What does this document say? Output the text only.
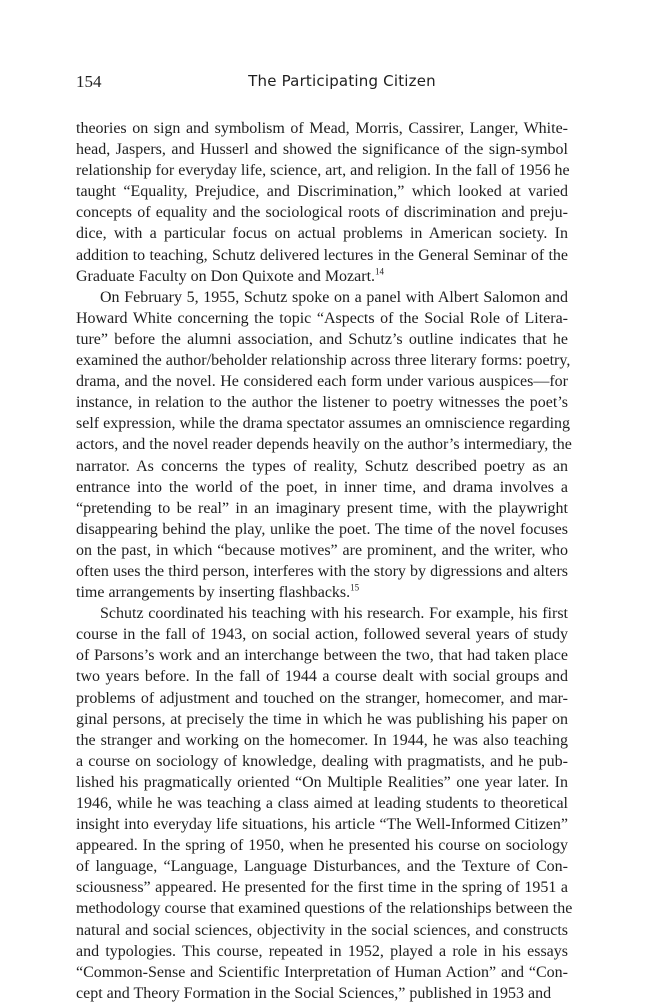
154	The Participating Citizen
theories on sign and symbolism of Mead, Morris, Cassirer, Langer, White-
head, Jaspers, and Husserl and showed the significance of the sign-symbol
relationship for everyday life, science, art, and religion. In the fall of 1956 he
taught “Equality, Prejudice, and Discrimination,” which looked at varied
concepts of equality and the sociological roots of discrimination and preju-
dice, with a particular focus on actual problems in American society. In
addition to teaching, Schutz delivered lectures in the General Seminar of the
Graduate Faculty on Don Quixote and Mozart.$^{14}$
On February 5, 1955, Schutz spoke on a panel with Albert Salomon and
Howard White concerning the topic “Aspects of the Social Role of Litera-
ture” before the alumni association, and Schutz’s outline indicates that he
examined the author/beholder relationship across three literary forms: poetry,
drama, and the novel. He considered each form under various auspices—for
instance, in relation to the author the listener to poetry witnesses the poet’s
self expression, while the drama spectator assumes an omniscience regarding
actors, and the novel reader depends heavily on the author’s intermediary, the
narrator. As concerns the types of reality, Schutz described poetry as an
entrance into the world of the poet, in inner time, and drama involves a
“pretending to be real” in an imaginary present time, with the playwright
disappearing behind the play, unlike the poet. The time of the novel focuses
on the past, in which “because motives” are prominent, and the writer, who
often uses the third person, interferes with the story by digressions and alters
time arrangements by inserting flashbacks.$^{15}$
Schutz coordinated his teaching with his research. For example, his first
course in the fall of 1943, on social action, followed several years of study
of Parsons’s work and an interchange between the two, that had taken place
two years before. In the fall of 1944 a course dealt with social groups and
problems of adjustment and touched on the stranger, homecomer, and mar-
ginal persons, at precisely the time in which he was publishing his paper on
the stranger and working on the homecomer. In 1944, he was also teaching
a course on sociology of knowledge, dealing with pragmatists, and he pub-
lished his pragmatically oriented “On Multiple Realities” one year later. In
1946, while he was teaching a class aimed at leading students to theoretical
insight into everyday life situations, his article “The Well-Informed Citizen”
appeared. In the spring of 1950, when he presented his course on sociology
of language, “Language, Language Disturbances, and the Texture of Con-
sciousness” appeared. He presented for the first time in the spring of 1951 a
methodology course that examined questions of the relationships between the
natural and social sciences, objectivity in the social sciences, and constructs
and typologies. This course, repeated in 1952, played a role in his essays
“Common-Sense and Scientific Interpretation of Human Action” and “Con-
cept and Theory Formation in the Social Sciences,” published in 1953 and
